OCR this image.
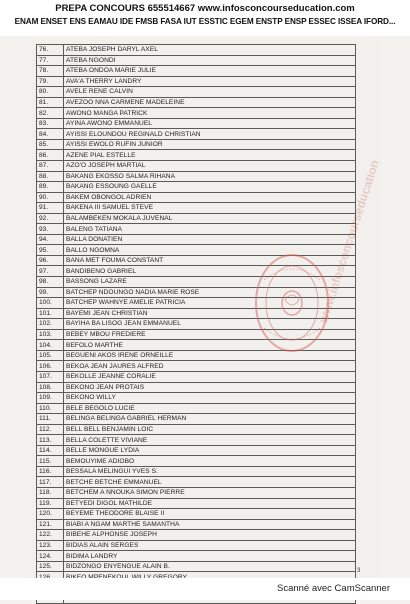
PREPA CONCOURS 655514667 www.infosconcourseducation.com
ENAM ENSET ENS EAMAU IDE FMSB FASA IUT ESSTIC EGEM ENSTP ENSP ESSEC ISSEA IFORD...
76.	ATEBA JOSEPH DARYL AXEL
77.	ATEBA NGONDI
78.	ATEBA ONDOA MARIE JULIE
79.	AVA'A THERRY LANDRY
80.	AVELE RENE CALVIN
81.	AVEZOO NNA CARMENE MADELEINE
82.	AWONO MANGA PATRICK
83.	AYINA AWONO EMMANUEL
84.	AYISSI ELOUNDOU REGINALD CHRISTIAN
85.	AYISSI EWOLO RUFIN JUNIOR
86.	AZENE PIAL ESTELLE
87.	AZO'O JOSEPH MARTIAL
88.	BAKANG EKOSSO SALMA RIHANA
89.	BAKANG ESSOUNG GAELLE
90.	BAKEM OBONGOL ADRIEN
91.	BAKENA III SAMUEL STEVE
92.	BALAMBEKEN MOKALA JUVENAL
93.	BALENG TATIANA
94.	BALLA DONATIEN
95.	BALLO NGOMNA
96.	BANA MET FOUMA CONSTANT
97.	BANDIBENO GABRIEL
98.	BASSONG LAZARE
99.	BATCHEP NDOUNGO NADIA MARIE ROSE
100.	BATCHEP WAHNYE AMELIE PATRICIA
101.	BAYEMI JEAN CHRISTIAN
102.	BAYIHA BA LISOG JEAN EMMANUEL
103.	BEBEY MBOU FREDIERE
104.	BEFOLO MARTHE
105.	BEGUENI AKOS IRENE ORNEILLE
106.	BEKOA JEAN JAURES ALFRED
107.	BEKOLLE JEANNE CORALIE
108.	BEKONO JEAN PROTAIS
109.	BEKONO WILLY
110.	BELE BEGOLO LUCIE
111.	BELINGA BELINGA GABRIEL HERMAN
112.	BELL BELL BENJAMIN LOIC
113.	BELLA COLETTE VIVIANE
114.	BELLE MONGUE LYDIA
115.	BEMOUYIME ADIOBO
116.	BESSALA MELINGUI YVES S.
117.	BETCHE BETCHE EMMANUEL
118.	BETCHEM A NNOUKA SIMON PIERRE
119.	BETYEDI DIGOL MATHILDE
120.	BEYEME THEODORE BLAISE II
121.	BIABI A NGAM MARTHE SAMANTHA
122.	BIBEHE ALPHONSE JOSEPH
123.	BIDIAS ALAIN SERGES
124.	BIDIMA LANDRY
125.	BIDZONGO ENYENGUE ALAIN B.

www.infosconcourseducation
3
Scanné avec CamScanner
